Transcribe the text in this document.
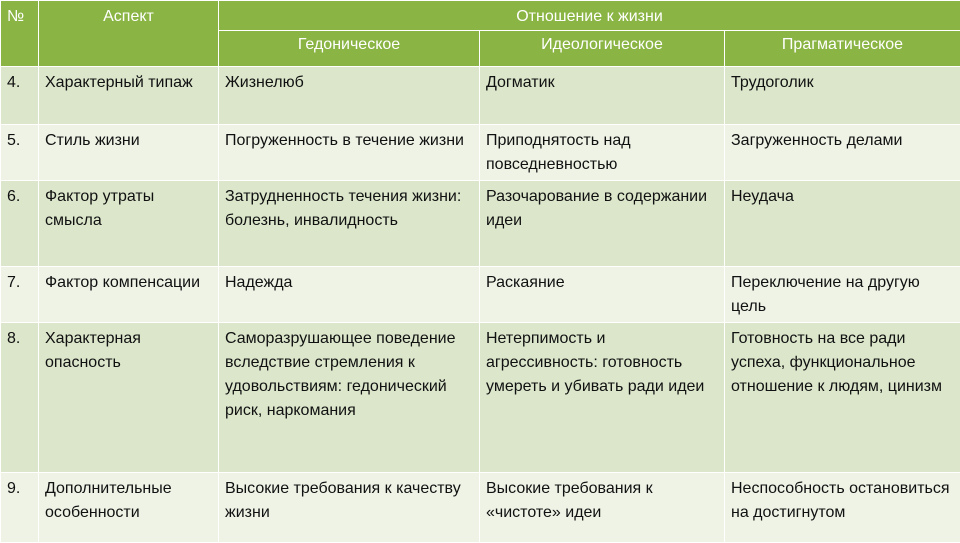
№	Аспект	Отношение к жизни		
		Гедоническое	Идеологическое	Прагматическое
4.	Характерный типаж	Жизнелюб	Догматик	Трудоголик
5.	Стиль жизни	Погруженность в течение жизни	Приподнятость над повседневностью	Загруженность делами
6.	Фактор утраты смысла	Затрудненность течения жизни: болезнь, инвалидность	Разочарование в содержании идеи	Неудача
7.	Фактор компенсации	Надежда	Раскаяние	Переключение на другую цель
8.	Характерная опасность	Саморазрушающее поведение вследствие стремления к удовольствиям: гедонический риск, наркомания	Нетерпимость и агрессивность: готовность умереть и убивать ради идеи	Готовность на все ради успеха, функциональное отношение к людям, цинизм
9.	Дополнительные особенности	Высокие требования к качеству жизни	Высокие требования к «чистоте» идеи	Неспособность остановиться на достигнутом
